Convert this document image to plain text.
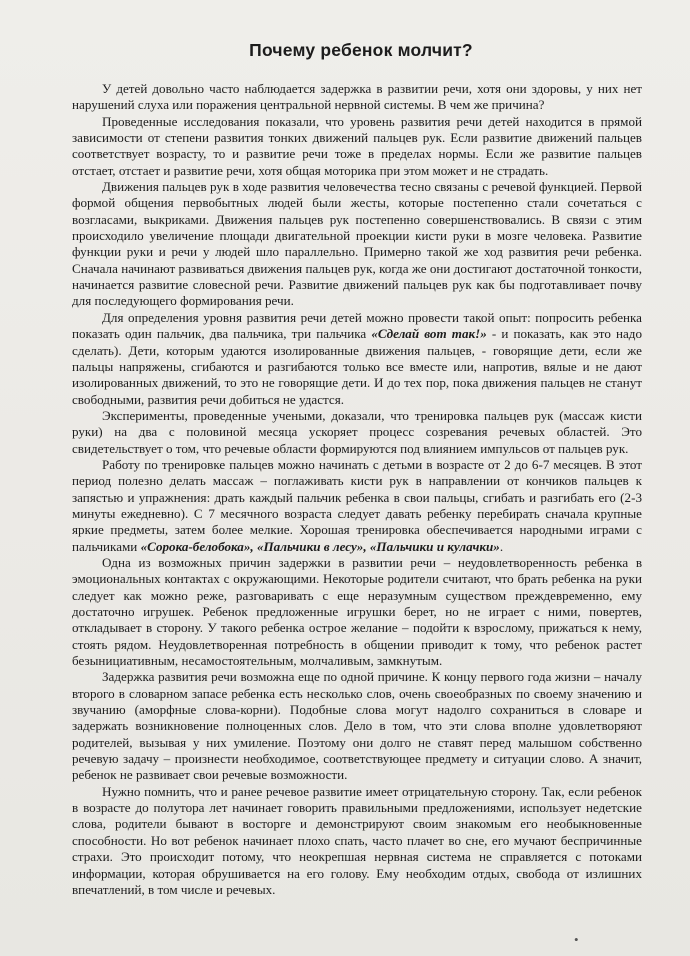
Почему ребенок молчит?

У детей довольно часто наблюдается задержка в развитии речи, хотя они здоровы, у них нет нарушений слуха или поражения центральной нервной системы. В чем же причина?

Проведенные исследования показали, что уровень развития речи детей находится в прямой зависимости от степени развития тонких движений пальцев рук. Если развитие движений пальцев соответствует возрасту, то и развитие речи тоже в пределах нормы. Если же развитие пальцев отстает, отстает и развитие речи, хотя общая моторика при этом может и не страдать.

Движения пальцев рук в ходе развития человечества тесно связаны с речевой функцией. Первой формой общения первобытных людей были жесты, которые постепенно стали сочетаться с возгласами, выкриками. Движения пальцев рук постепенно совершенствовались. В связи с этим происходило увеличение площади двигательной проекции кисти руки в мозге человека. Развитие функции руки и речи у людей шло параллельно. Примерно такой же ход развития речи ребенка. Сначала начинают развиваться движения пальцев рук, когда же они достигают достаточной тонкости, начинается развитие словесной речи. Развитие движений пальцев рук как бы подготавливает почву для последующего формирования речи.

Для определения уровня развития речи детей можно провести такой опыт: попросить ребенка показать один пальчик, два пальчика, три пальчика «Сделай вот так!» - и показать, как это надо сделать). Дети, которым удаются изолированные движения пальцев, - говорящие дети, если же пальцы напряжены, сгибаются и разгибаются только все вместе или, напротив, вялые и не дают изолированных движений, то это не говорящие дети. И до тех пор, пока движения пальцев не станут свободными, развития речи добиться не удастся.

Эксперименты, проведенные учеными, доказали, что тренировка пальцев рук (массаж кисти руки) на два с половиной месяца ускоряет процесс созревания речевых областей. Это свидетельствует о том, что речевые области формируются под влиянием импульсов от пальцев рук.

Работу по тренировке пальцев можно начинать с детьми в возрасте от 2 до 6-7 месяцев. В этот период полезно делать массаж – поглаживать кисти рук в направлении от кончиков пальцев к запястью и упражнения: драть каждый пальчик ребенка в свои пальцы, сгибать и разгибать его (2-3 минуты ежедневно). С 7 месячного возраста следует давать ребенку перебирать сначала крупные яркие предметы, затем более мелкие. Хорошая тренировка обеспечивается народными играми с пальчиками «Сорока-белобока», «Пальчики в лесу», «Пальчики и кулачки».

Одна из возможных причин задержки в развитии речи – неудовлетворенность ребенка в эмоциональных контактах с окружающими. Некоторые родители считают, что брать ребенка на руки следует как можно реже, разговаривать с еще неразумным существом преждевременно, ему достаточно игрушек. Ребенок предложенные игрушки берет, но не играет с ними, повертев, откладывает в сторону. У такого ребенка острое желание – подойти к взрослому, прижаться к нему, стоять рядом. Неудовлетворенная потребность в общении приводит к тому, что ребенок растет безынициативным, несамостоятельным, молчаливым, замкнутым.

Задержка развития речи возможна еще по одной причине. К концу первого года жизни – началу второго в словарном запасе ребенка есть несколько слов, очень своеобразных по своему значению и звучанию (аморфные слова-корни). Подобные слова могут надолго сохраниться в словаре и задержать возникновение полноценных слов. Дело в том, что эти слова вполне удовлетворяют родителей, вызывая у них умиление. Поэтому они долго не ставят перед малышом собственно речевую задачу – произнести необходимое, соответствующее предмету и ситуации слово. А значит, ребенок не развивает свои речевые возможности.

Нужно помнить, что и ранее речевое развитие имеет отрицательную сторону. Так, если ребенок в возрасте до полутора лет начинает говорить правильными предложениями, использует недетские слова, родители бывают в восторге и демонстрируют своим знакомым его необыкновенные способности. Но вот ребенок начинает плохо спать, часто плачет во сне, его мучают беспричинные страхи. Это происходит потому, что неокрепшая нервная система не справляется с потоками информации, которая обрушивается на его голову. Ему необходим отдых, свобода от излишних впечатлений, в том числе и речевых.

•
